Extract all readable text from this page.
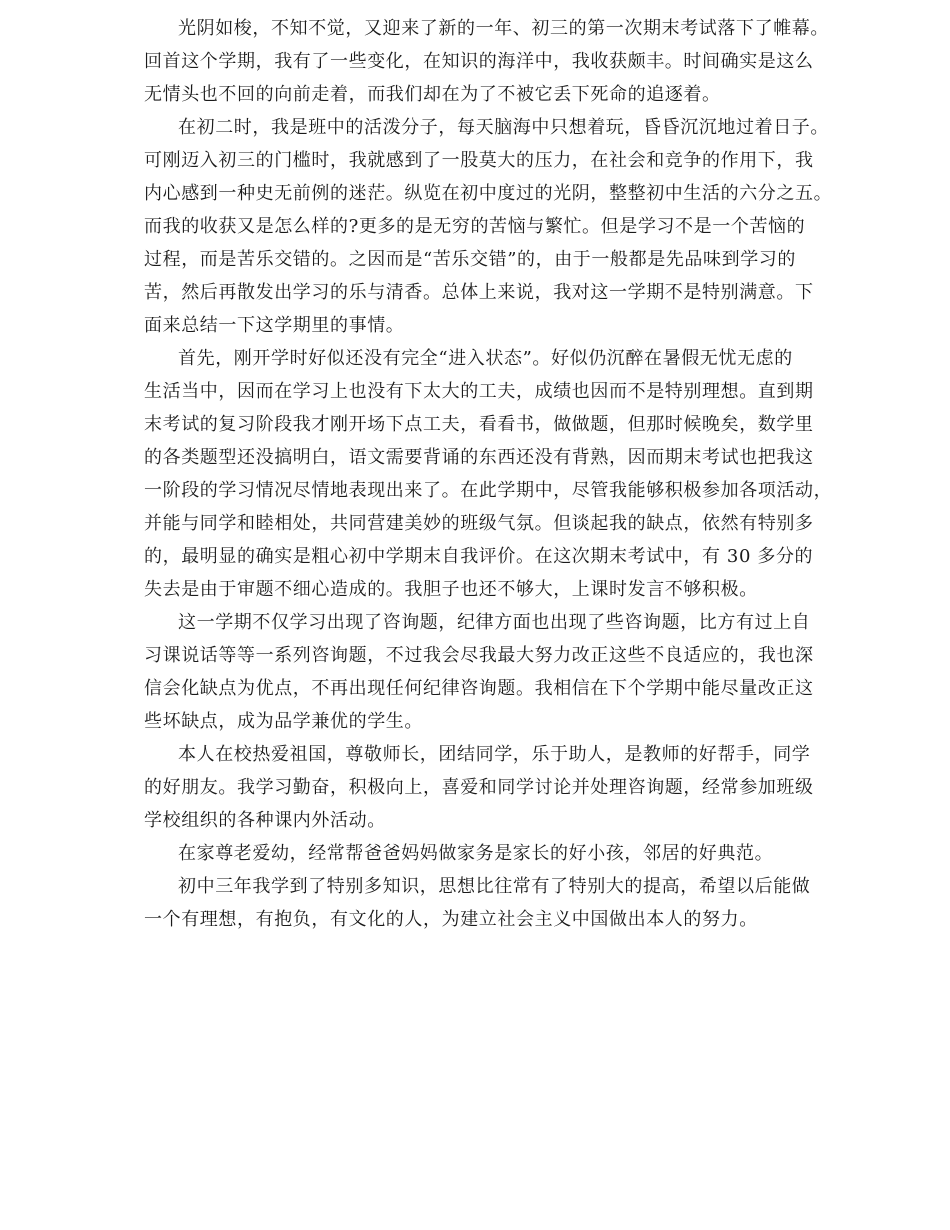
光阴如梭，不知不觉，又迎来了新的一年、初三的第一次期末考试落下了帷幕。
回首这个学期，我有了一些变化，在知识的海洋中，我收获颇丰。时间确实是这么
无情头也不回的向前走着，而我们却在为了不被它丢下死命的追逐着。
在初二时，我是班中的活泼分子，每天脑海中只想着玩，昏昏沉沉地过着日子。
可刚迈入初三的门槛时，我就感到了一股莫大的压力，在社会和竞争的作用下，我
内心感到一种史无前例的迷茫。纵览在初中度过的光阴，整整初中生活的六分之五。
而我的收获又是怎么样的?更多的是无穷的苦恼与繁忙。但是学习不是一个苦恼的
过程，而是苦乐交错的。之因而是“苦乐交错”的，由于一般都是先品味到学习的
苦，然后再散发出学习的乐与清香。总体上来说，我对这一学期不是特别满意。下
面来总结一下这学期里的事情。
首先，刚开学时好似还没有完全“进入状态”。好似仍沉醉在暑假无忧无虑的
生活当中，因而在学习上也没有下太大的工夫，成绩也因而不是特别理想。直到期
末考试的复习阶段我才刚开场下点工夫，看看书，做做题，但那时候晚矣，数学里
的各类题型还没搞明白，语文需要背诵的东西还没有背熟，因而期末考试也把我这
一阶段的学习情况尽情地表现出来了。在此学期中，尽管我能够积极参加各项活动，
并能与同学和睦相处，共同营建美妙的班级气氛。但谈起我的缺点，依然有特别多
的，最明显的确实是粗心初中学期末自我评价。在这次期末考试中，有 30 多分的
失去是由于审题不细心造成的。我胆子也还不够大，上课时发言不够积极。
这一学期不仅学习出现了咨询题，纪律方面也出现了些咨询题，比方有过上自
习课说话等等一系列咨询题，不过我会尽我最大努力改正这些不良适应的，我也深
信会化缺点为优点，不再出现任何纪律咨询题。我相信在下个学期中能尽量改正这
些坏缺点，成为品学兼优的学生。
本人在校热爱祖国，尊敬师长，团结同学，乐于助人，是教师的好帮手，同学
的好朋友。我学习勤奋，积极向上，喜爱和同学讨论并处理咨询题，经常参加班级
学校组织的各种课内外活动。
在家尊老爱幼，经常帮爸爸妈妈做家务是家长的好小孩，邻居的好典范。
初中三年我学到了特别多知识，思想比往常有了特别大的提高，希望以后能做
一个有理想，有抱负，有文化的人，为建立社会主义中国做出本人的努力。
